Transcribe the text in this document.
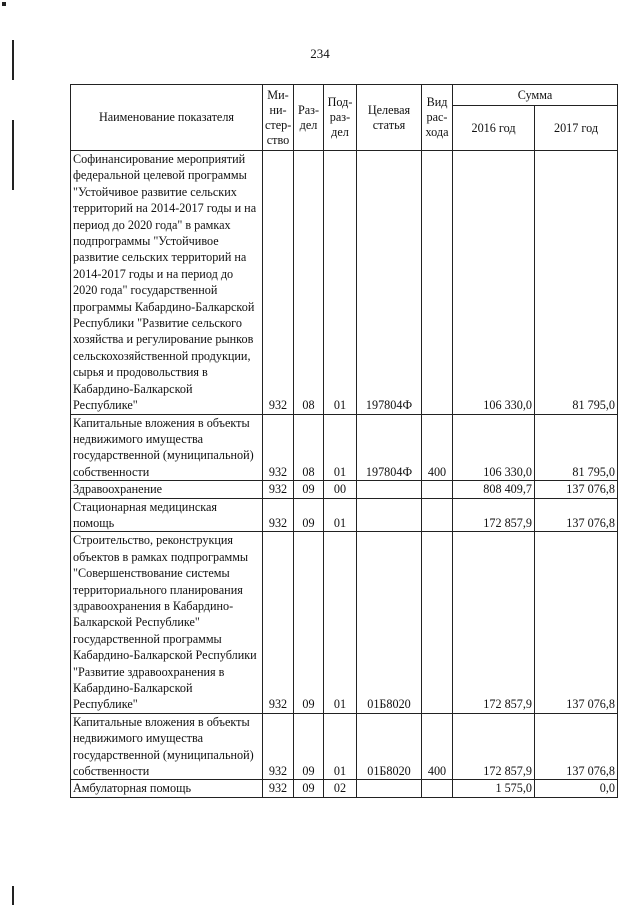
234
Наименование показателя	Ми-ни-стер-ство	Раз-дел	Под-раз-дел	Целевая статья	Вид рас-хода	Сумма	
						2016 год	2017 год
Софинансирование мероприятий федеральной целевой программы "Устойчивое развитие сельских территорий на 2014-2017 годы и на период до 2020 года" в рамках подпрограммы "Устойчивое развитие сельских территорий на 2014-2017 годы и на период до 2020 года" государственной программы Кабардино-Балкарской Республики "Развитие сельского хозяйства и регулирование рынков сельскохозяйственной продукции, сырья и продовольствия в Кабардино-Балкарской Республике"	932	08	01	197804Ф		106 330,0	81 795,0
Капитальные вложения в объекты недвижимого имущества государственной (муниципальной) собственности	932	08	01	197804Ф	400	106 330,0	81 795,0
Здравоохранение	932	09	00			808 409,7	137 076,8
Стационарная медицинская помощь	932	09	01			172 857,9	137 076,8
Строительство, реконструкция объектов в рамках подпрограммы "Совершенствование системы территориального планирования здравоохранения в Кабардино-Балкарской Республике" государственной программы Кабардино-Балкарской Республики "Развитие здравоохранения в Кабардино-Балкарской Республике"	932	09	01	01Б8020		172 857,9	137 076,8
Капитальные вложения в объекты недвижимого имущества государственной (муниципальной) собственности	932	09	01	01Б8020	400	172 857,9	137 076,8
Амбулаторная помощь	932	09	02			1 575,0	0,0
